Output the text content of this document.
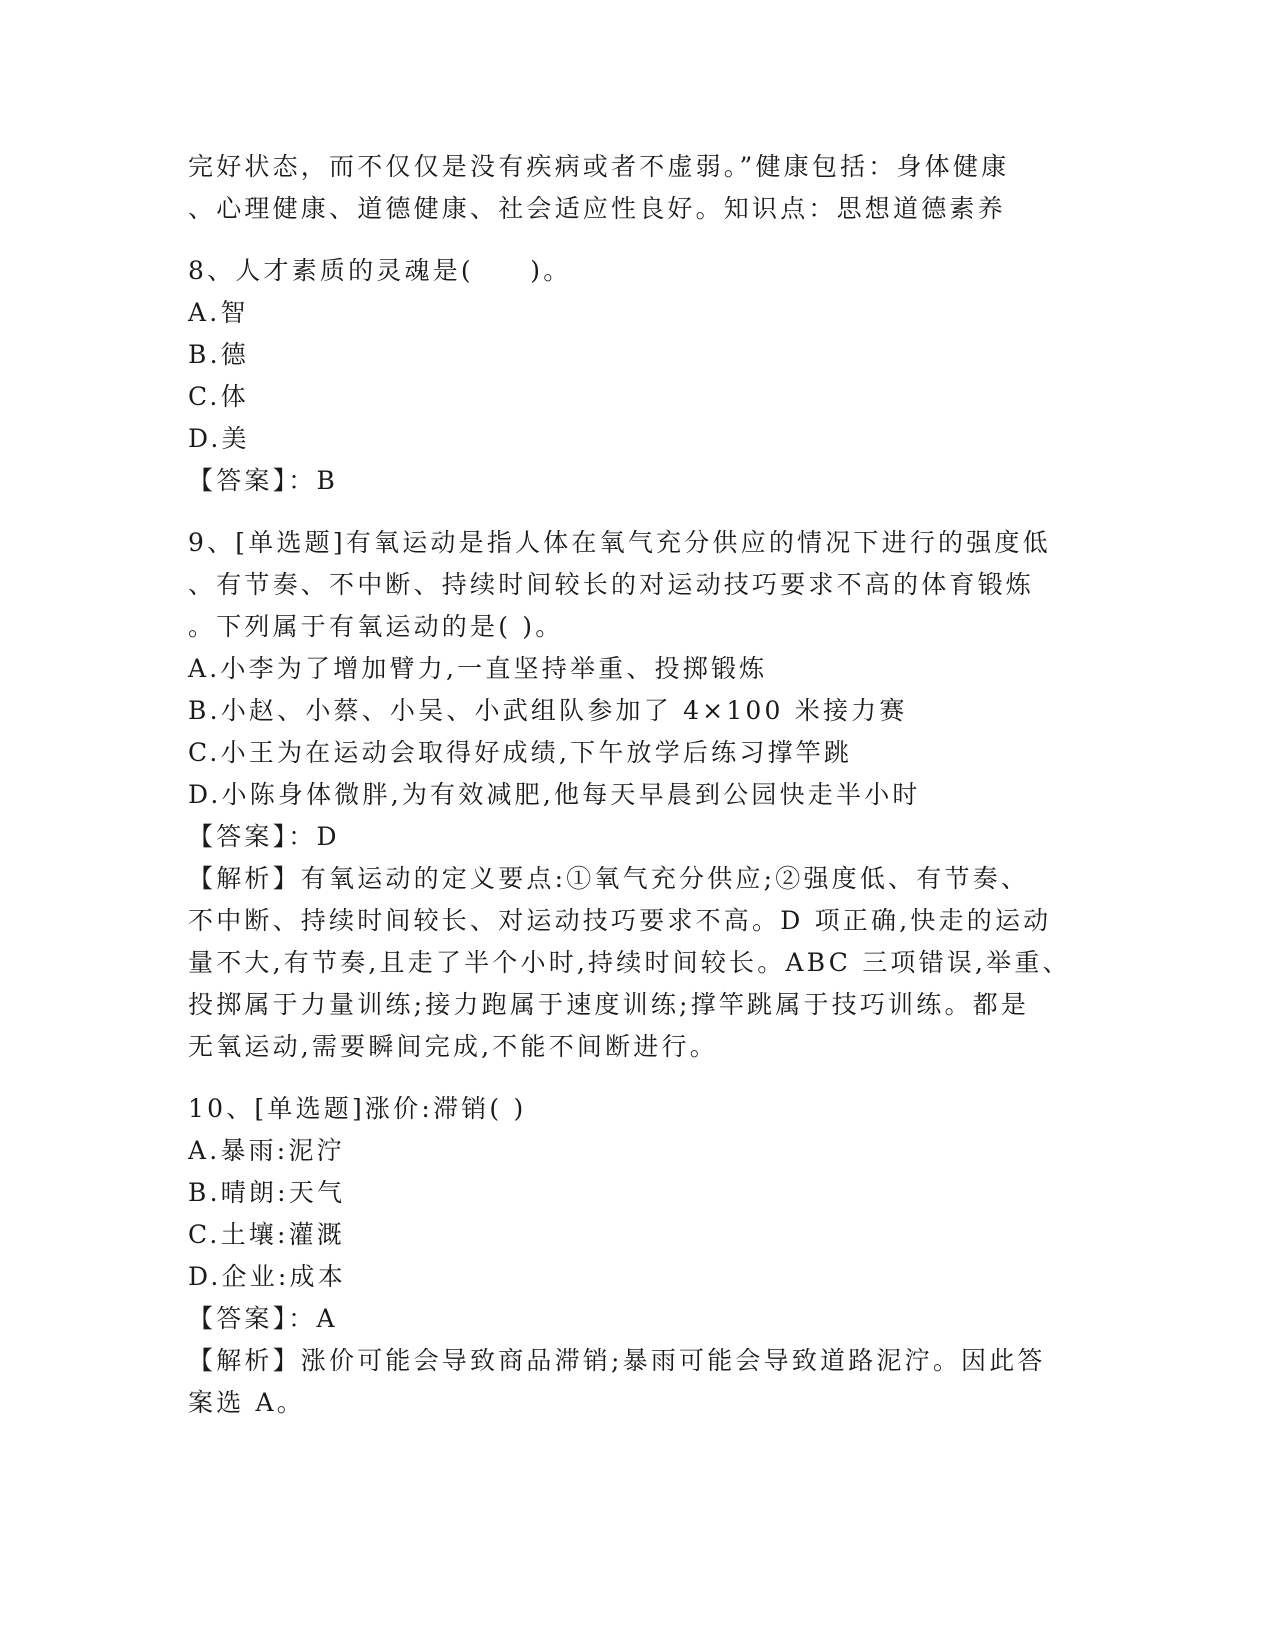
完好状态，而不仅仅是没有疾病或者不虚弱。”健康包括：身体健康
、心理健康、道德健康、社会适应性良好。知识点：思想道德素养
8、人才素质的灵魂是(　　)。
A.智
B.德
C.体
D.美
【答案】：B
9、[单选题]有氧运动是指人体在氧气充分供应的情况下进行的强度低
、有节奏、不中断、持续时间较长的对运动技巧要求不高的体育锻炼
。下列属于有氧运动的是( )。
A.小李为了增加臂力,一直坚持举重、投掷锻炼
B.小赵、小蔡、小吴、小武组队参加了 4×100 米接力赛
C.小王为在运动会取得好成绩,下午放学后练习撑竿跳
D.小陈身体微胖,为有效减肥,他每天早晨到公园快走半小时
【答案】：D
【解析】有氧运动的定义要点:①氧气充分供应;②强度低、有节奏、
不中断、持续时间较长、对运动技巧要求不高。D 项正确,快走的运动
量不大,有节奏,且走了半个小时,持续时间较长。ABC 三项错误,举重、
投掷属于力量训练;接力跑属于速度训练;撑竿跳属于技巧训练。都是
无氧运动,需要瞬间完成,不能不间断进行。
10、[单选题]涨价:滞销( )
A.暴雨:泥泞
B.晴朗:天气
C.土壤:灌溉
D.企业:成本
【答案】：A
【解析】涨价可能会导致商品滞销;暴雨可能会导致道路泥泞。因此答
案选 A。
